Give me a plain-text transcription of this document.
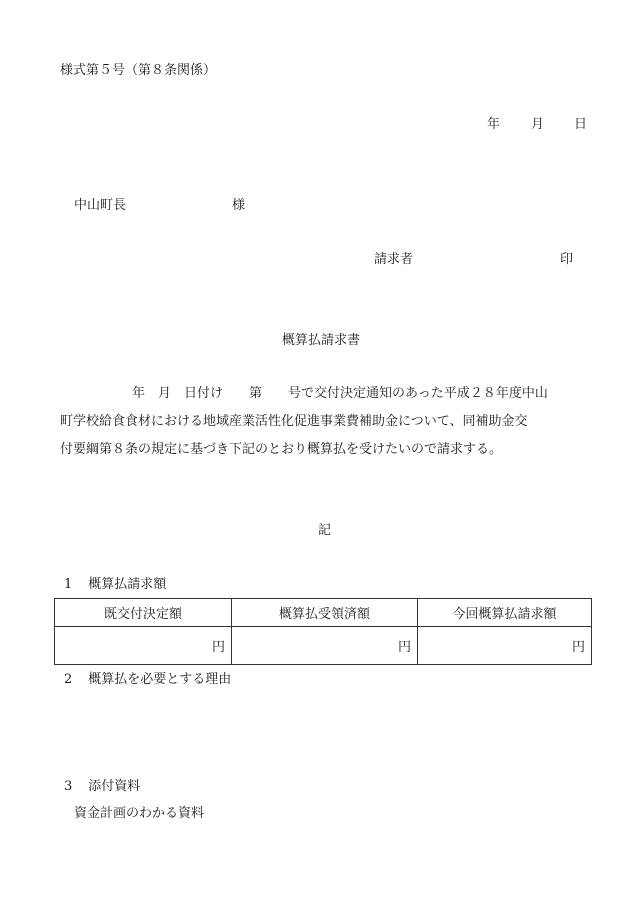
様式第５号（第８条関係）
年 月 日
中山町長	様
請求者	印
概算払請求書
年　月　日付け　　第　　号で交付決定通知のあった平成２８年度中山
町学校給食食材における地域産業活性化促進事業費補助金について、同補助金交
付要綱第８条の規定に基づき下記のとおり概算払を受けたいので請求する。
記
1 概算払請求額
既交付決定額	概算払受領済額	今回概算払請求額
円	円	円
2 概算払を必要とする理由
3 添付資料
資金計画のわかる資料
